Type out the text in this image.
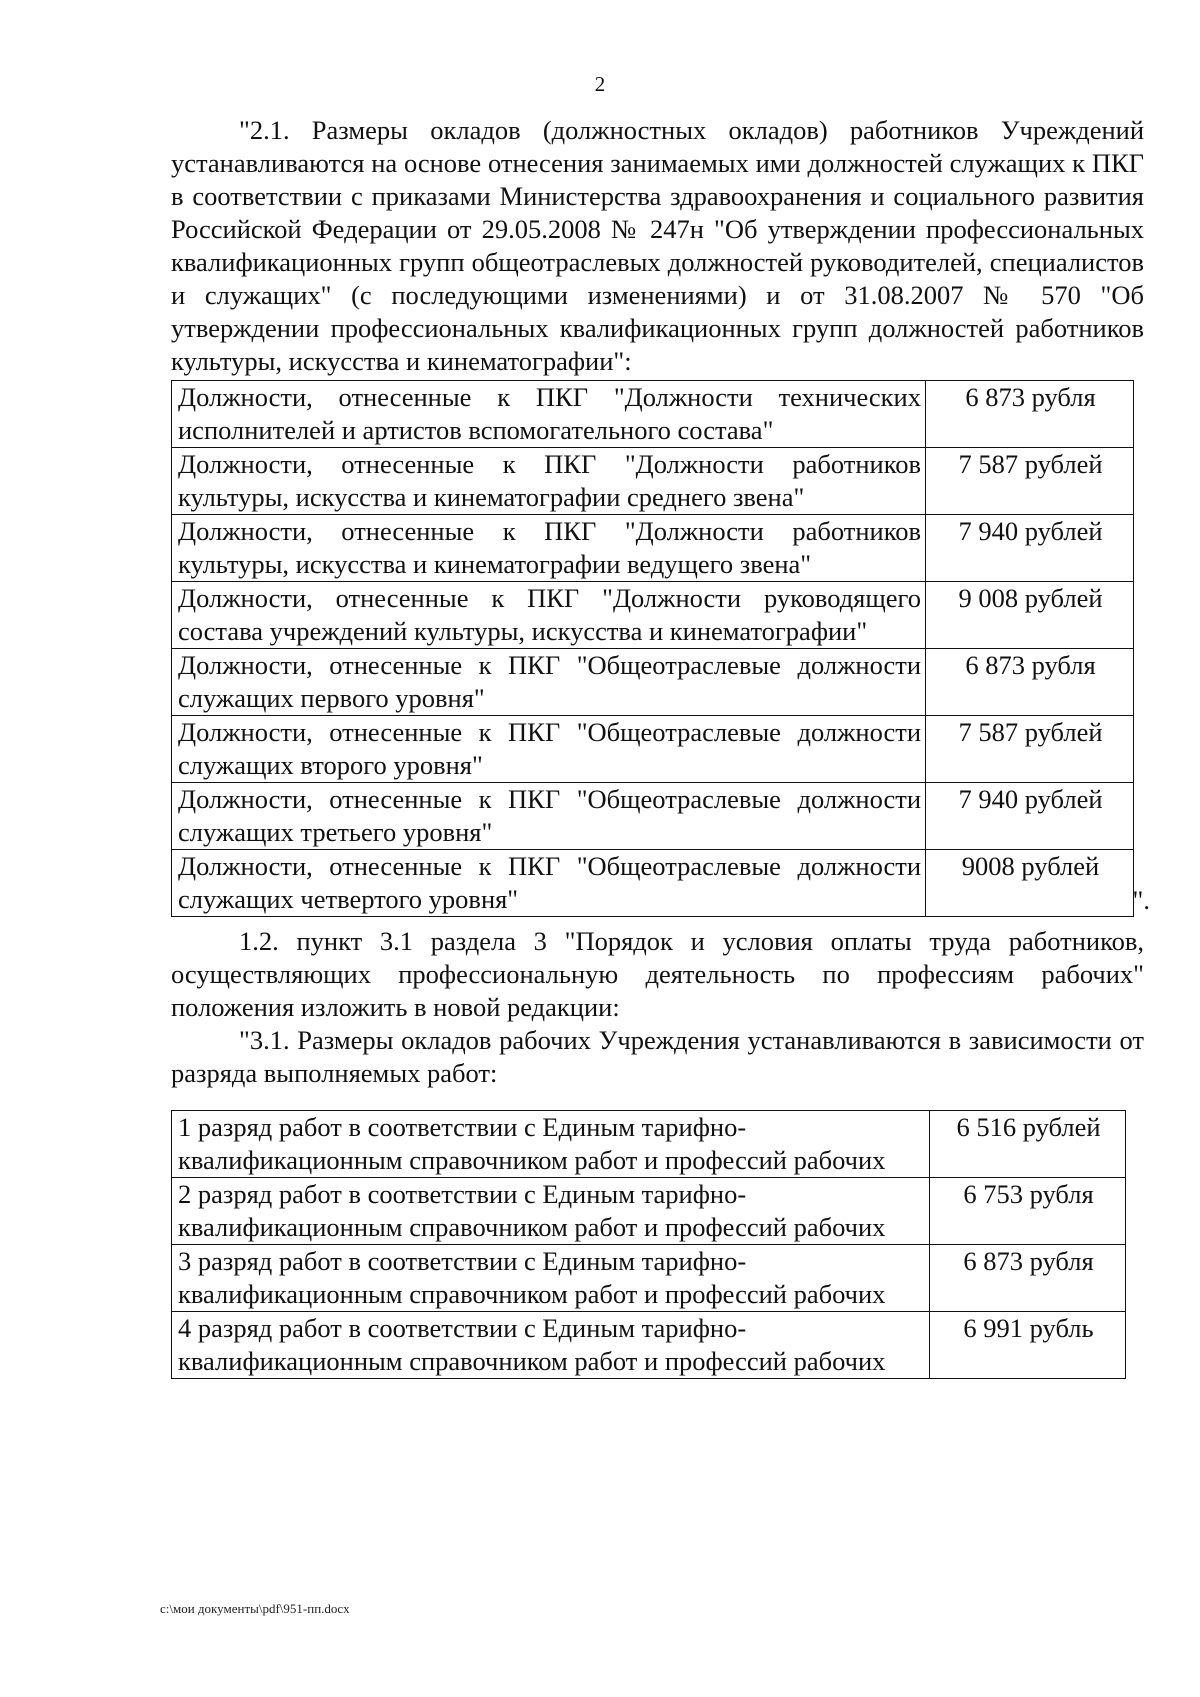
2

"2.1. Размеры окладов (должностных окладов) работников Учреждений устанавливаются на основе отнесения занимаемых ими должностей служащих к ПКГ в соответствии с приказами Министерства здравоохранения и социального развития Российской Федерации от 29.05.2008 № 247н "Об утверждении профессиональных квалификационных групп общеотраслевых должностей руководителей, специалистов и служащих" (с последующими изменениями) и от 31.08.2007 № 570 "Об утверждении профессиональных квалификационных групп должностей работников культуры, искусства и кинематографии":

Должности, отнесенные к ПКГ "Должности технических исполнителей и артистов вспомогательного состава"	6 873 рубля
Должности, отнесенные к ПКГ "Должности работников культуры, искусства и кинематографии среднего звена"	7 587 рублей
Должности, отнесенные к ПКГ "Должности работников культуры, искусства и кинематографии ведущего звена"	7 940 рублей
Должности, отнесенные к ПКГ "Должности руководящего состава учреждений культуры, искусства и кинематографии"	9 008 рублей
Должности, отнесенные к ПКГ "Общеотраслевые должности служащих первого уровня"	6 873 рубля
Должности, отнесенные к ПКГ "Общеотраслевые должности служащих второго уровня"	7 587 рублей
Должности, отнесенные к ПКГ "Общеотраслевые должности служащих третьего уровня"	7 940 рублей
Должности, отнесенные к ПКГ "Общеотраслевые должности служащих четвертого уровня"	9008 рублей
".

1.2. пункт 3.1 раздела 3 "Порядок и условия оплаты труда работников, осуществляющих профессиональную деятельность по профессиям рабочих" положения изложить в новой редакции:

"3.1. Размеры окладов рабочих Учреждения устанавливаются в зависимости от разряда выполняемых работ:

1 разряд работ в соответствии с Единым тарифно-квалификационным справочником работ и профессий рабочих	6 516 рублей
2 разряд работ в соответствии с Единым тарифно-квалификационным справочником работ и профессий рабочих	6 753 рубля
3 разряд работ в соответствии с Единым тарифно-квалификационным справочником работ и профессий рабочих	6 873 рубля
4 разряд работ в соответствии с Единым тарифно-квалификационным справочником работ и профессий рабочих	6 991 рубль
c:\мои документы\pdf\951-пп.docx
